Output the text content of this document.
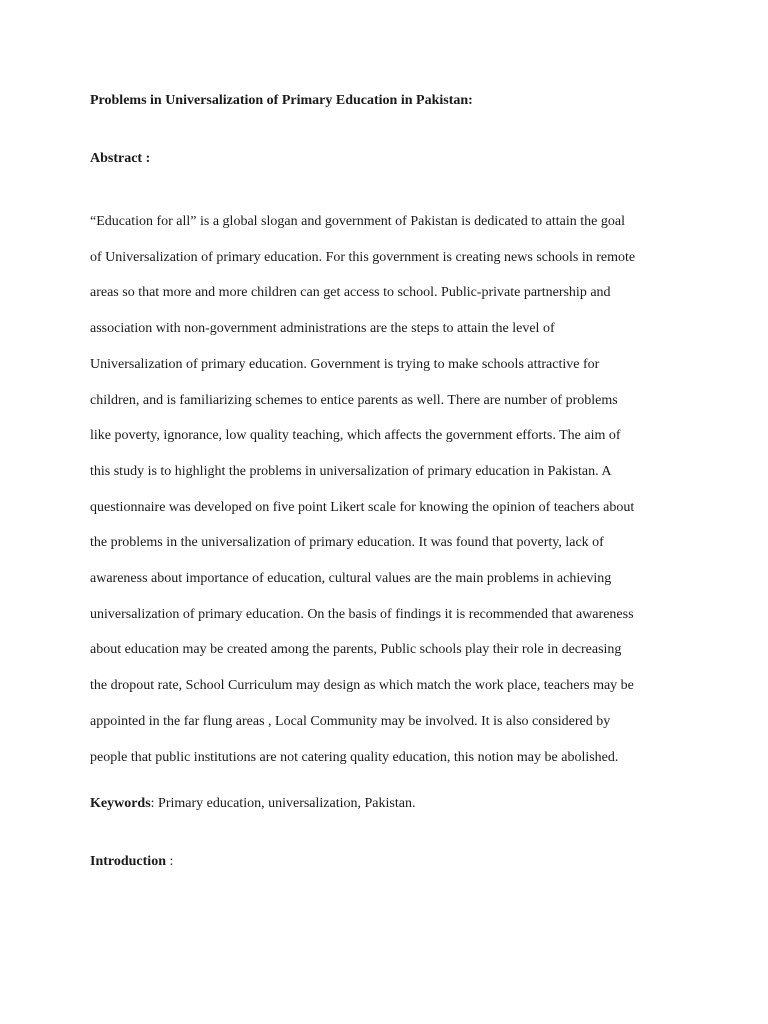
Problems in Universalization of Primary Education in Pakistan:
Abstract :
“Education for all” is a global slogan and government of Pakistan is dedicated to attain the goal
of Universalization of primary education. For this government is creating news schools in remote
areas so that more and more children can get access to school. Public-private partnership and
association with non-government administrations are the steps to attain the level of
Universalization of primary education. Government is trying to make schools attractive for
children, and is familiarizing schemes to entice parents as well. There are number of problems
like poverty, ignorance, low quality teaching, which affects the government efforts. The aim of
this study is to highlight the problems in universalization of primary education in Pakistan. A
questionnaire was developed on five point Likert scale for knowing the opinion of teachers about
the problems in the universalization of primary education. It was found that poverty, lack of
awareness about importance of education, cultural values are the main problems in achieving
universalization of primary education. On the basis of findings it is recommended that awareness
about education may be created among the parents, Public schools play their role in decreasing
the dropout rate, School Curriculum may design as which match the work place, teachers may be
appointed in the far flung areas , Local Community may be involved. It is also considered by
people that public institutions are not catering quality education, this notion may be abolished.
Keywords: Primary education, universalization, Pakistan.
Introduction :
